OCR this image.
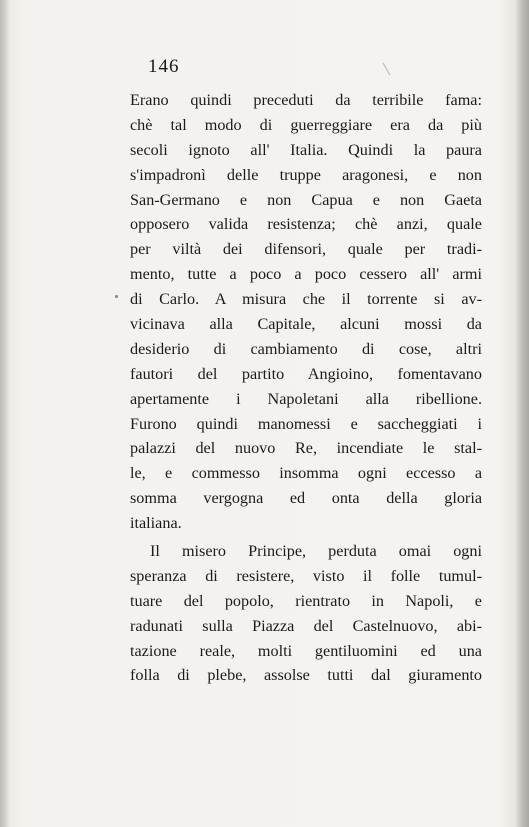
146
Erano quindi preceduti da terribile fama:
chè tal modo di guerreggiare era da più
secoli ignoto all' Italia. Quindi la paura
s'impadronì delle truppe aragonesi, e non
San-Germano e non Capua e non Gaeta
opposero valida resistenza; chè anzi, quale
per viltà dei difensori, quale per tradi-
mento, tutte a poco a poco cessero all' armi
di Carlo. A misura che il torrente si av-
vicinava alla Capitale, alcuni mossi da
desiderio di cambiamento di cose, altri
fautori del partito Angioino, fomentavano
apertamente i Napoletani alla ribellione.
Furono quindi manomessi e saccheggiati i
palazzi del nuovo Re, incendiate le stal-
le, e commesso insomma ogni eccesso a
somma vergogna ed onta della gloria
italiana.
Il misero Principe, perduta omai ogni
speranza di resistere, visto il folle tumul-
tuare del popolo, rientrato in Napoli, e
radunati sulla Piazza del Castelnuovo, abi-
tazione reale, molti gentiluomini ed una
folla di plebe, assolse tutti dal giuramento
